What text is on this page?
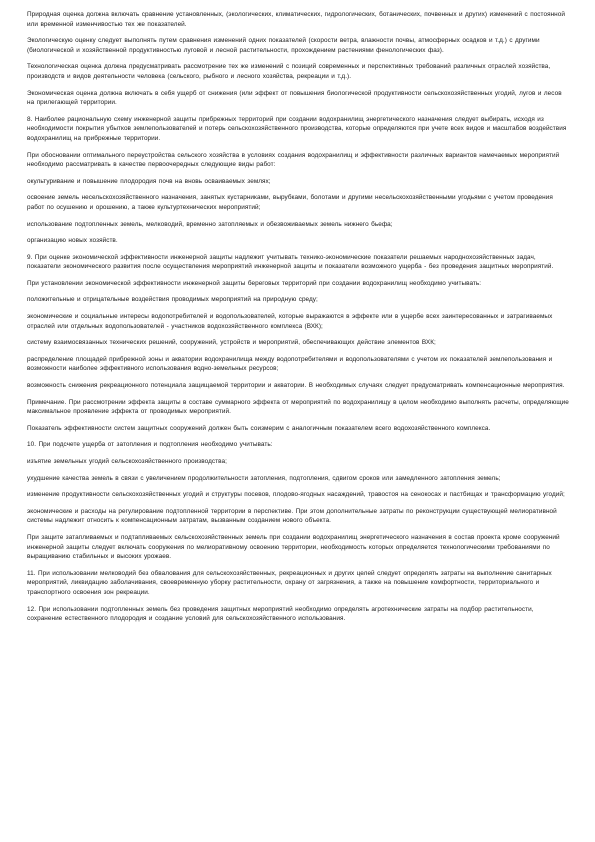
Природная оценка должна включать сравнение установленных, (экологических, климатических, гидрологических, ботанических, почвенных и других) изменений с постоянной или временной изменчивостью тех же показателей.

Экологическую оценку следует выполнять путем сравнения изменений одних показателей (скорости ветра, влажности почвы, атмосферных осадков и т.д.) с другими (биологической и хозяйственной продуктивностью луговой и лесной растительности, прохождением растениями фенологических фаз).

Технологическая оценка должна предусматривать рассмотрение тех же изменений с позиций современных и перспективных требований различных отраслей хозяйства, производств и видов деятельности человека (сельского, рыбного и лесного хозяйства, рекреации и т.д.).

Экономическая оценка должна включать в себя ущерб от снижения (или эффект от повышения биологической продуктивности сельскохозяйственных угодий, лугов и лесов на прилегающей территории.

8. Наиболее рациональную схему инженерной защиты прибрежных территорий при создании водохранилищ энергетического назначения следует выбирать, исходя из необходимости покрытия убытков землепользователей и потерь сельскохозяйственного производства, которые определяются при учете всех видов и масштабов воздействия водохранилищ на прибрежные территории.

При обосновании оптимального переустройства сельского хозяйства в условиях создания водохранилищ и эффективности различных вариантов намечаемых мероприятий необходимо рассматривать в качестве первоочередных следующие виды работ:

окультуривание и повышение плодородия почв на вновь осваиваемых землях;

освоение земель несельскохозяйственного назначения, занятых кустарниками, вырубками, болотами и другими несельскохозяйственными угодьями с учетом проведения работ по осушению и орошению, а также культуртехнических мероприятий;

использование подтопленных земель, мелководий, временно затопляемых и обезвоживаемых земель нижнего бьефа;

организацию новых хозяйств.

9. При оценке экономической эффективности инженерной защиты надлежит учитывать технико-экономические показатели решаемых народнохозяйственных задач, показатели экономического развития после осуществления мероприятий инженерной защиты и показатели возможного ущерба - без проведения защитных мероприятий.

При установлении экономической эффективности инженерной защиты береговых территорий при создании водохранилищ необходимо учитывать:

положительные и отрицательные воздействия проводимых мероприятий на природную среду;

экономические и социальные интересы водопотребителей и водопользователей, которые выражаются в эффекте или в ущербе всех заинтересованных и затрагиваемых отраслей или отдельных водопользователей - участников водохозяйственного комплекса (ВХК);

систему взаимосвязанных технических решений, сооружений, устройств и мероприятий, обеспечивающих действие элементов ВХК;

распределение площадей прибрежной зоны и акватории водохранилища между водопотребителями и водопользователями с учетом их показателей землепользования и возможности наиболее эффективного использования водно-земельных ресурсов;

возможность снижения рекреационного потенциала защищаемой территории и акватории. В необходимых случаях следует предусматривать компенсационные мероприятия.

Примечание. При рассмотрении эффекта защиты в составе суммарного эффекта от мероприятий по водохранилищу в целом необходимо выполнять расчеты, определяющие максимальное проявление эффекта от проводимых мероприятий.

Показатель эффективности систем защитных сооружений должен быть соизмерим с аналогичным показателем всего водохозяйственного комплекса.

10. При подсчете ущерба от затопления и подтопления необходимо учитывать:

изъятие земельных угодий сельскохозяйственного производства;

ухудшение качества земель в связи с увеличением продолжительности затопления, подтопления, сдвигом сроков или замедленного затопления земель;

изменение продуктивности сельскохозяйственных угодий и структуры посевов, плодово-ягодных насаждений, травостоя на сенокосах и пастбищах и трансформацию угодий;

экономические и расходы на регулирование подтопленной территории в перспективе. При этом дополнительные затраты по реконструкции существующей мелиоративной системы надлежит относить к компенсационным затратам, вызванным созданием нового объекта.

При защите затапливаемых и подтапливаемых сельскохозяйственных земель при создании водохранилищ энергетического назначения в состав проекта кроме сооружений инженерной защиты следует включать сооружения по мелиоративному освоению территории, необходимость которых определяется технологическими требованиями по выращиванию стабильных и высоких урожаев.

11. При использовании мелководий без обвалования для сельскохозяйственных, рекреационных и других целей следует определять затраты на выполнение санитарных мероприятий, ликвидацию заболачивания, своевременную уборку растительности, охрану от загрязнения, а также на повышение комфортности, территориального и транспортного освоения зон рекреации.

12. При использовании подтопленных земель без проведения защитных мероприятий необходимо определять агротехнические затраты на подбор растительности, сохранение естественного плодородия и создание условий для сельскохозяйственного использования.
